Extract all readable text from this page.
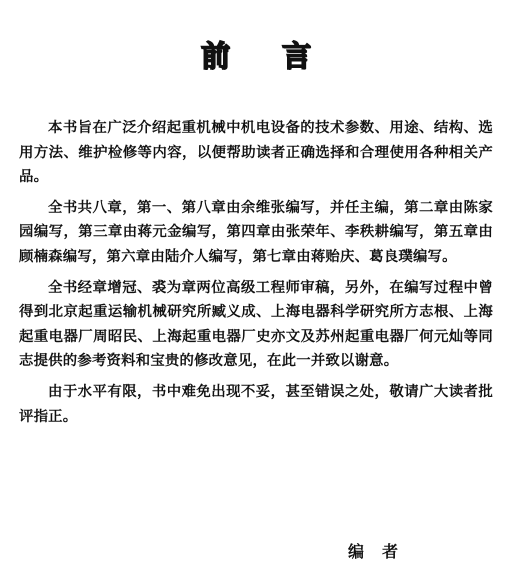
前言

本书旨在广泛介绍起重机械中机电设备的技术参数、用途、结构、选用方法、维护检修等内容，以便帮助读者正确选择和合理使用各种相关产品。

全书共八章，第一、第八章由余维张编写，并任主编，第二章由陈家园编写，第三章由蒋元金编写，第四章由张荣年、李秩耕编写，第五章由顾楠森编写，第六章由陆介人编写，第七章由蒋贻庆、葛良璞编写。

全书经章增冠、裘为章两位高级工程师审稿，另外，在编写过程中曾得到北京起重运输机械研究所臧义成、上海电器科学研究所方志根、上海起重电器厂周昭民、上海起重电器厂史亦文及苏州起重电器厂何元灿等同志提供的参考资料和宝贵的修改意见，在此一并致以谢意。

由于水平有限，书中难免出现不妥，甚至错误之处，敬请广大读者批评指正。

编者
